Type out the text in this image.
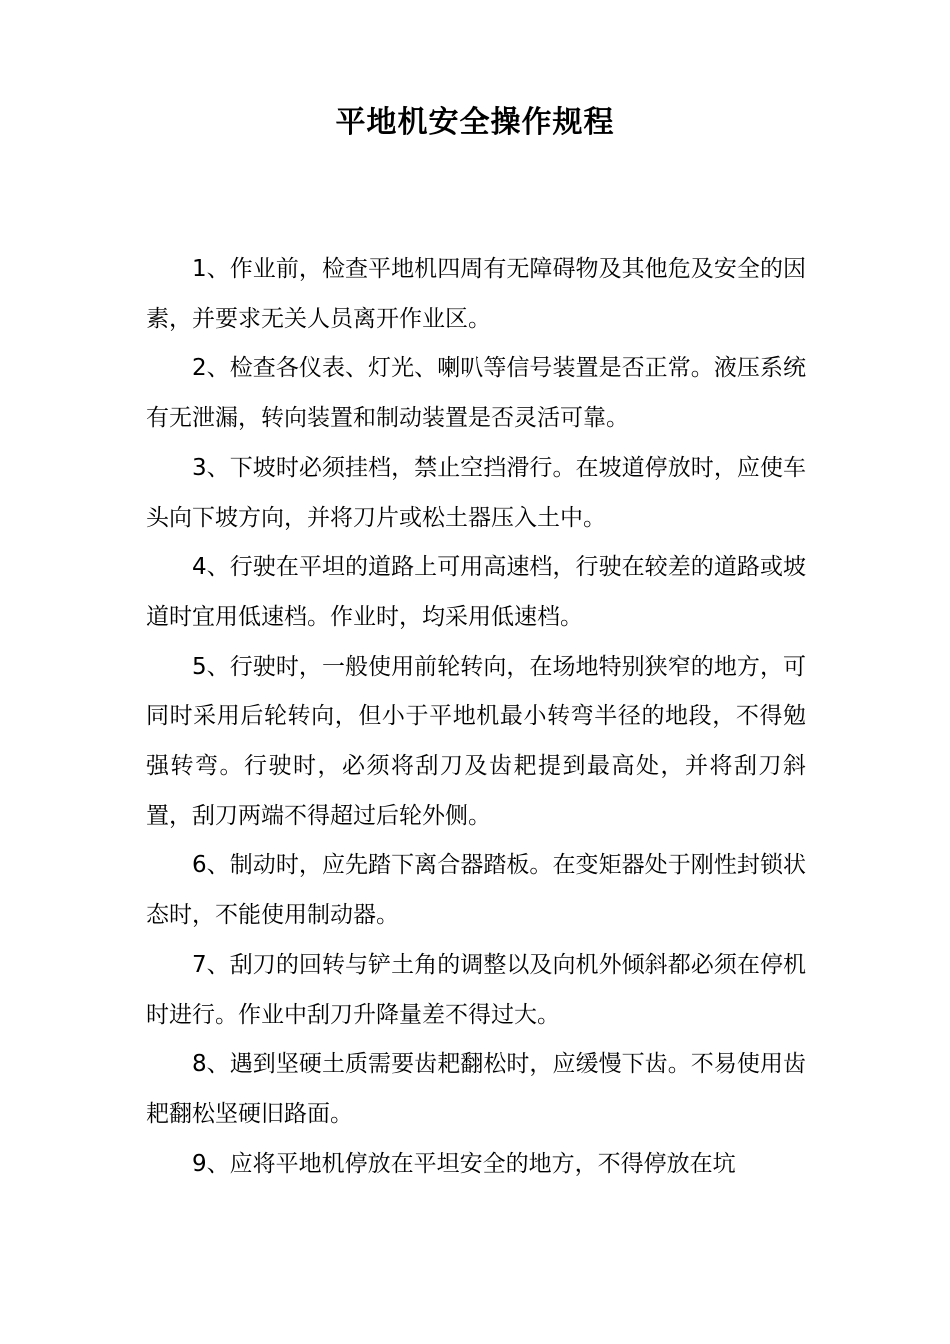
平地机安全操作规程

1、作业前，检查平地机四周有无障碍物及其他危及安全的因素，并要求无关人员离开作业区。

2、检查各仪表、灯光、喇叭等信号装置是否正常。液压系统有无泄漏，转向装置和制动装置是否灵活可靠。

3、下坡时必须挂档，禁止空挡滑行。在坡道停放时，应使车头向下坡方向，并将刀片或松土器压入土中。

4、行驶在平坦的道路上可用高速档，行驶在较差的道路或坡道时宜用低速档。作业时，均采用低速档。

5、行驶时，一般使用前轮转向，在场地特别狭窄的地方，可同时采用后轮转向，但小于平地机最小转弯半径的地段，不得勉强转弯。行驶时，必须将刮刀及齿耙提到最高处，并将刮刀斜置，刮刀两端不得超过后轮外侧。

6、制动时，应先踏下离合器踏板。在变矩器处于刚性封锁状态时，不能使用制动器。

7、刮刀的回转与铲土角的调整以及向机外倾斜都必须在停机时进行。作业中刮刀升降量差不得过大。

8、遇到坚硬土质需要齿耙翻松时，应缓慢下齿。不易使用齿耙翻松坚硬旧路面。

9、应将平地机停放在平坦安全的地方，不得停放在坑
